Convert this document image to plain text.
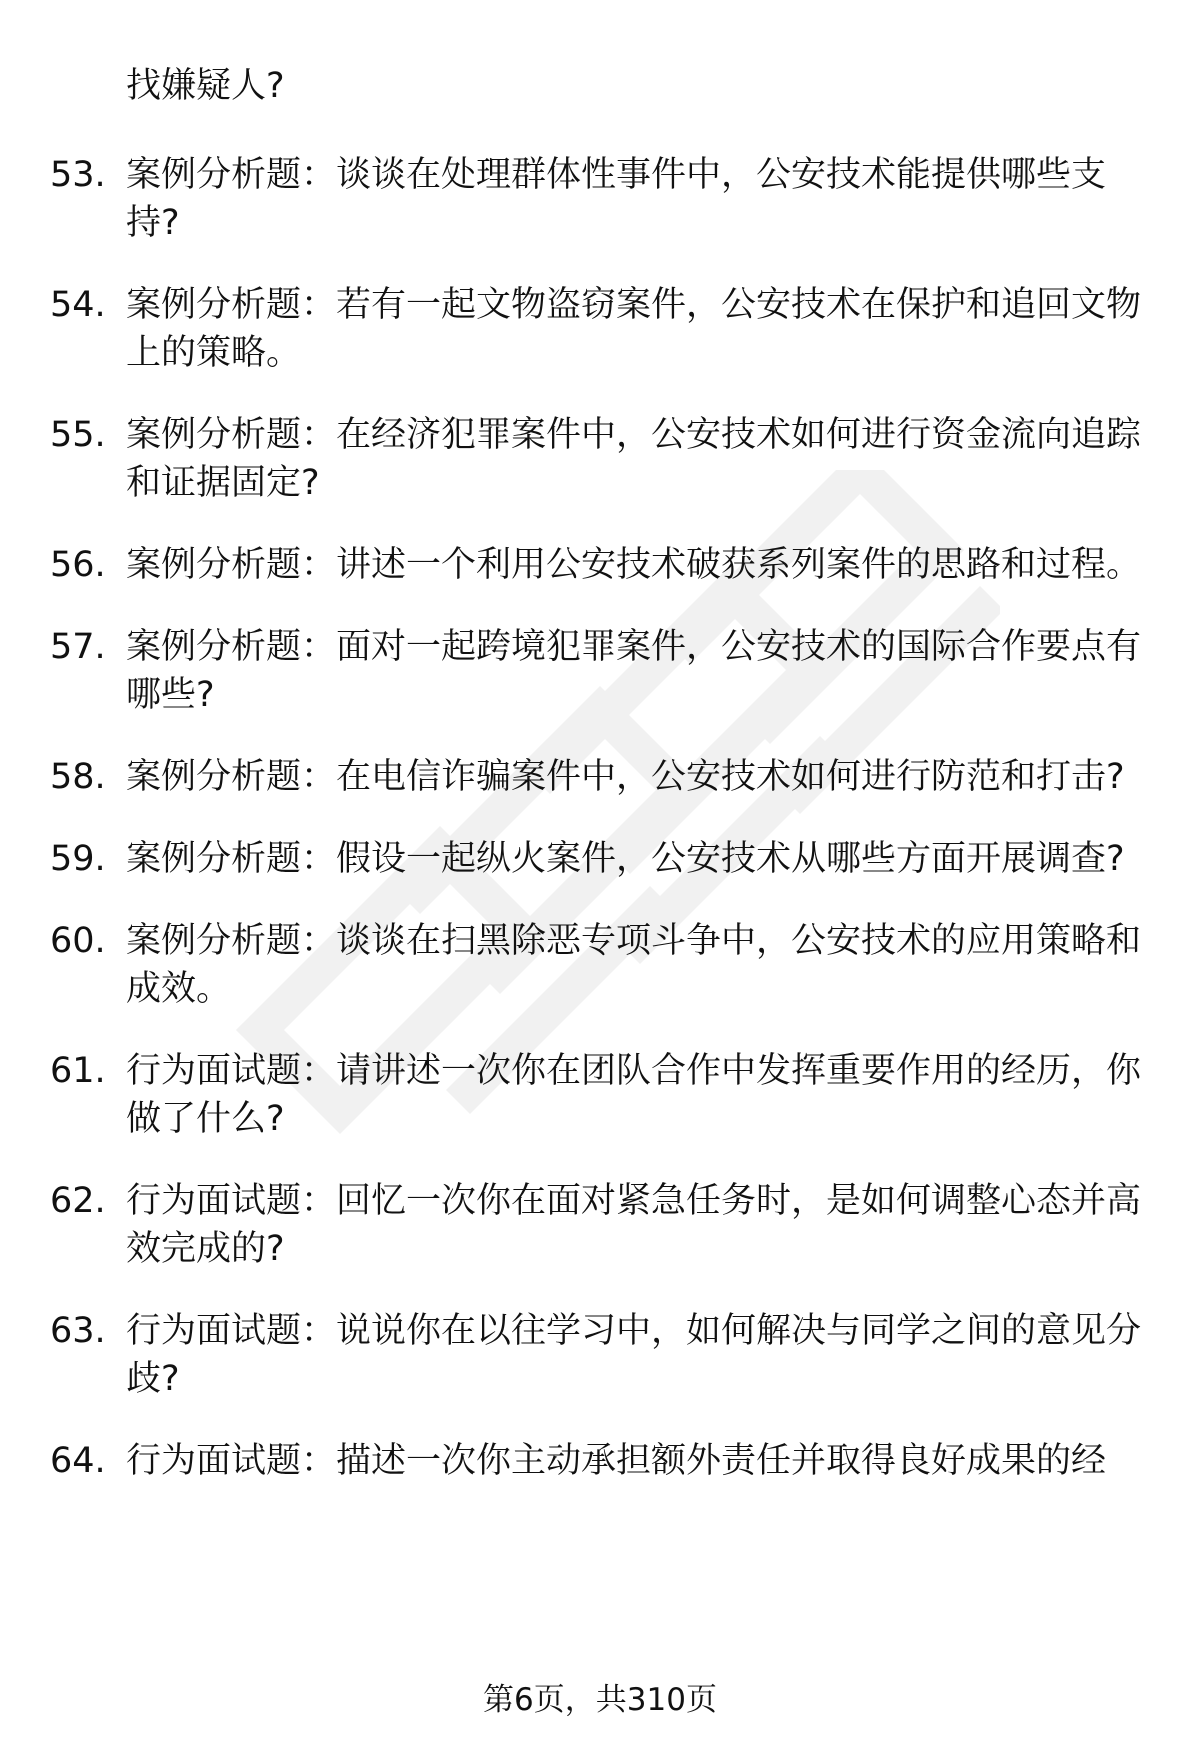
找嫌疑人?
53. 案例分析题：谈谈在处理群体性事件中，公安技术能提供哪些支持?
54. 案例分析题：若有一起文物盗窃案件，公安技术在保护和追回文物上的策略。
55. 案例分析题：在经济犯罪案件中，公安技术如何进行资金流向追踪和证据固定?
56. 案例分析题：讲述一个利用公安技术破获系列案件的思路和过程。
57. 案例分析题：面对一起跨境犯罪案件，公安技术的国际合作要点有哪些?
58. 案例分析题：在电信诈骗案件中，公安技术如何进行防范和打击?
59. 案例分析题：假设一起纵火案件，公安技术从哪些方面开展调查?
60. 案例分析题：谈谈在扫黑除恶专项斗争中，公安技术的应用策略和成效。
61. 行为面试题：请讲述一次你在团队合作中发挥重要作用的经历，你做了什么?
62. 行为面试题：回忆一次你在面对紧急任务时，是如何调整心态并高效完成的?
63. 行为面试题：说说你在以往学习中，如何解决与同学之间的意见分歧?
64. 行为面试题：描述一次你主动承担额外责任并取得良好成果的经
第6页，共310页
